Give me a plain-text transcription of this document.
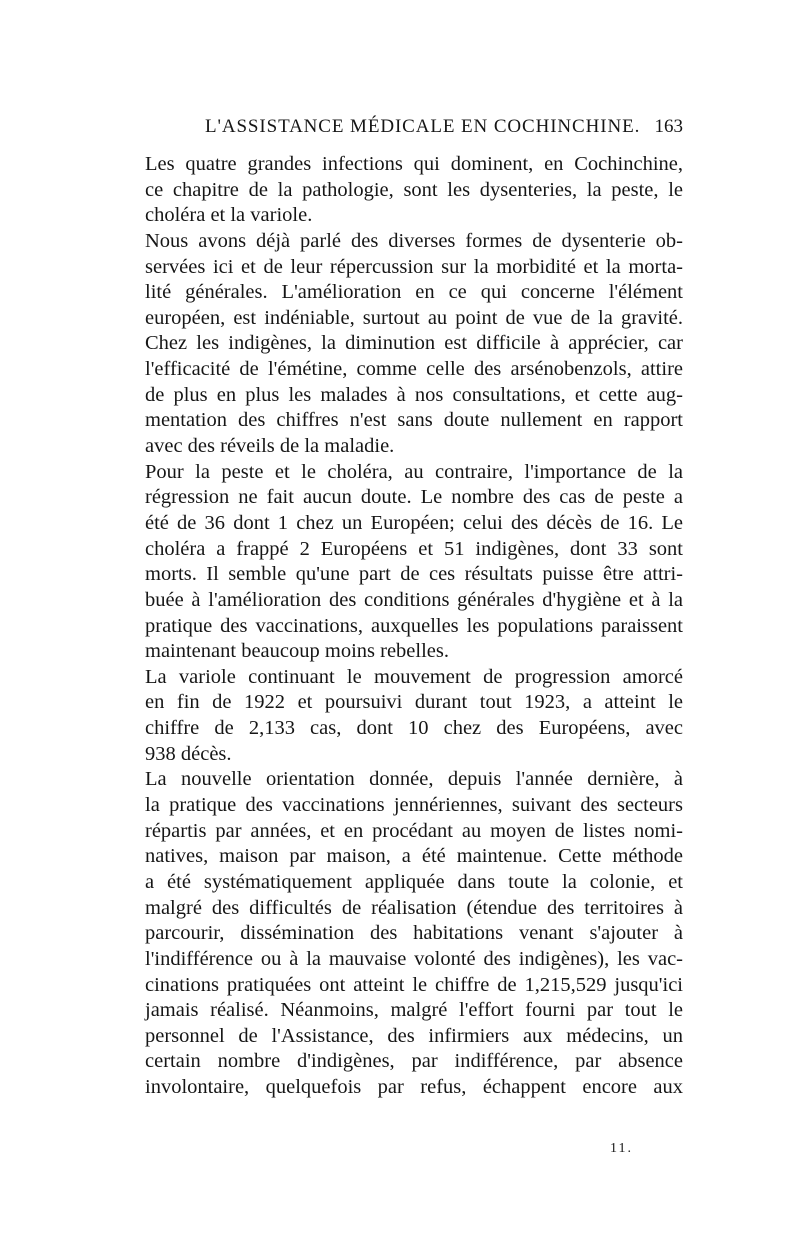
L'ASSISTANCE MÉDICALE EN COCHINCHINE. 163
Les quatre grandes infections qui dominent, en Cochinchine,
ce chapitre de la pathologie, sont les dysenteries, la peste, le
choléra et la variole.
Nous avons déjà parlé des diverses formes de dysenterie ob-
servées ici et de leur répercussion sur la morbidité et la morta-
lité générales. L'amélioration en ce qui concerne l'élément
européen, est indéniable, surtout au point de vue de la gravité.
Chez les indigènes, la diminution est difficile à apprécier, car
l'efficacité de l'émétine, comme celle des arsénobenzols, attire
de plus en plus les malades à nos consultations, et cette aug-
mentation des chiffres n'est sans doute nullement en rapport
avec des réveils de la maladie.
Pour la peste et le choléra, au contraire, l'importance de la
régression ne fait aucun doute. Le nombre des cas de peste a
été de 36 dont 1 chez un Européen; celui des décès de 16. Le
choléra a frappé 2 Européens et 51 indigènes, dont 33 sont
morts. Il semble qu'une part de ces résultats puisse être attri-
buée à l'amélioration des conditions générales d'hygiène et à la
pratique des vaccinations, auxquelles les populations paraissent
maintenant beaucoup moins rebelles.
La variole continuant le mouvement de progression amorcé
en fin de 1922 et poursuivi durant tout 1923, a atteint le
chiffre de 2,133 cas, dont 10 chez des Européens, avec
938 décès.
La nouvelle orientation donnée, depuis l'année dernière, à
la pratique des vaccinations jennériennes, suivant des secteurs
répartis par années, et en procédant au moyen de listes nomi-
natives, maison par maison, a été maintenue. Cette méthode
a été systématiquement appliquée dans toute la colonie, et
malgré des difficultés de réalisation (étendue des territoires à
parcourir, dissémination des habitations venant s'ajouter à
l'indifférence ou à la mauvaise volonté des indigènes), les vac-
cinations pratiquées ont atteint le chiffre de 1,215,529 jusqu'ici
jamais réalisé. Néanmoins, malgré l'effort fourni par tout le
personnel de l'Assistance, des infirmiers aux médecins, un
certain nombre d'indigènes, par indifférence, par absence
involontaire, quelquefois par refus, échappent encore aux
11.
